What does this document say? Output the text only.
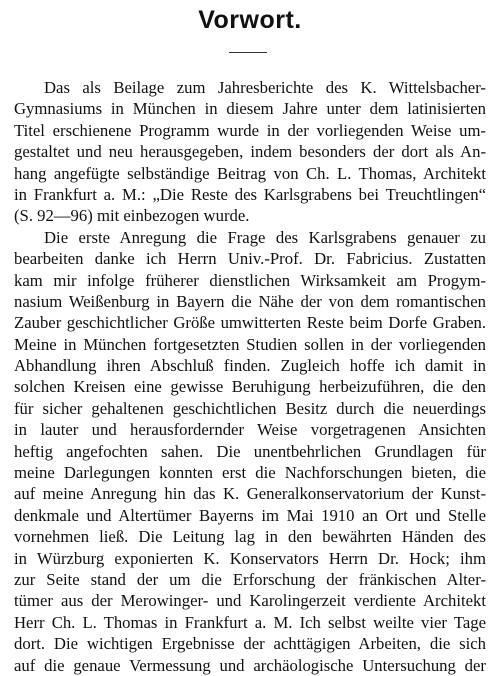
Vorwort.
Das als Beilage zum Jahresberichte des K. Wittelsbacher-
Gymnasiums in München in diesem Jahre unter dem latinisierten
Titel erschienene Programm wurde in der vorliegenden Weise um-
gestaltet und neu herausgegeben, indem besonders der dort als An-
hang angefügte selbständige Beitrag von Ch. L. Thomas, Architekt
in Frankfurt a. M.: „Die Reste des Karlsgrabens bei Treuchtlingen“
(S. 92—96) mit einbezogen wurde.
Die erste Anregung die Frage des Karlsgrabens genauer zu
bearbeiten danke ich Herrn Univ.-Prof. Dr. Fabricius. Zustatten
kam mir infolge früherer dienstlichen Wirksamkeit am Progym-
nasium Weißenburg in Bayern die Nähe der von dem romantischen
Zauber geschichtlicher Größe umwitterten Reste beim Dorfe Graben.
Meine in München fortgesetzten Studien sollen in der vorliegenden
Abhandlung ihren Abschluß finden. Zugleich hoffe ich damit in
solchen Kreisen eine gewisse Beruhigung herbeizuführen, die den
für sicher gehaltenen geschichtlichen Besitz durch die neuerdings
in lauter und herausfordernder Weise vorgetragenen Ansichten
heftig angefochten sahen. Die unentbehrlichen Grundlagen für
meine Darlegungen konnten erst die Nachforschungen bieten, die
auf meine Anregung hin das K. Generalkonservatorium der Kunst-
denkmale und Altertümer Bayerns im Mai 1910 an Ort und Stelle
vornehmen ließ. Die Leitung lag in den bewährten Händen des
in Würzburg exponierten K. Konservators Herrn Dr. Hock; ihm
zur Seite stand der um die Erforschung der fränkischen Alter-
tümer aus der Merowinger- und Karolingerzeit verdiente Architekt
Herr Ch. L. Thomas in Frankfurt a. M. Ich selbst weilte vier Tage
dort. Die wichtigen Ergebnisse der achttägigen Arbeiten, die sich
auf die genaue Vermessung und archäologische Untersuchung der
